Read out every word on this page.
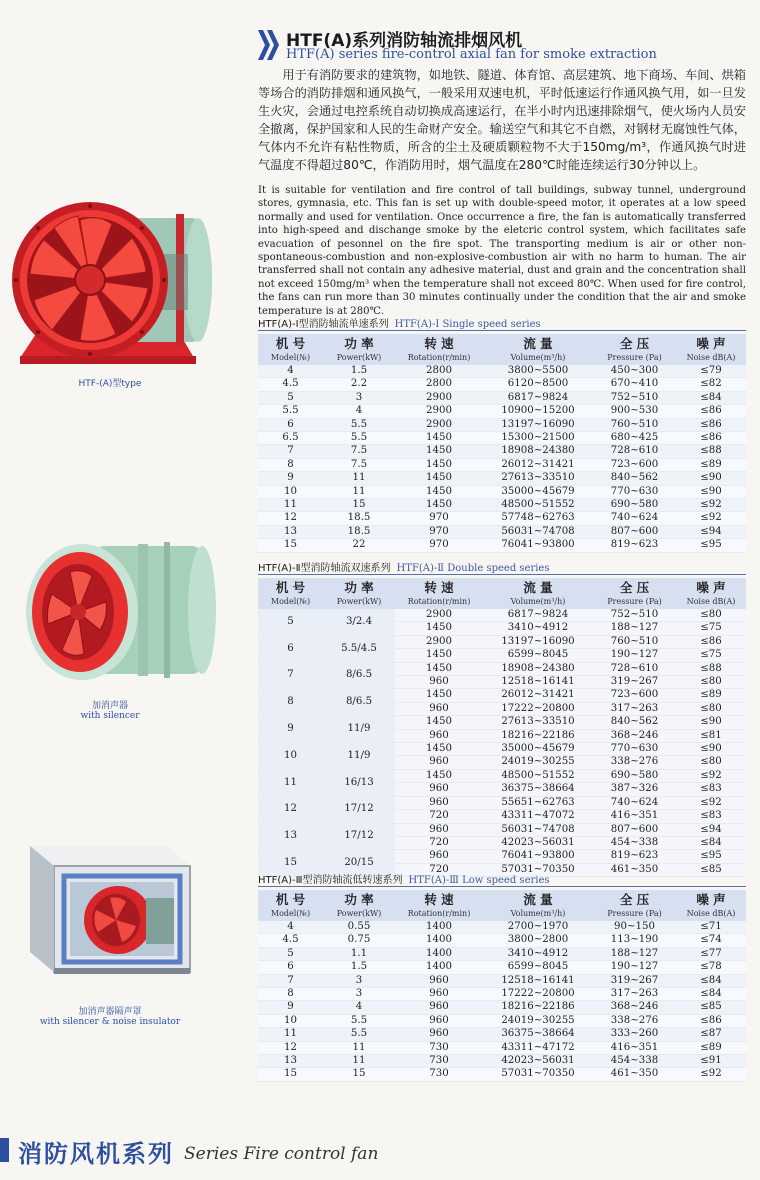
HTF(A)系列消防轴流排烟风机
HTF(A) series fire-control axial fan for smoke extraction
用于有消防要求的建筑物，如地铁、隧道、体育馆、高层建筑、地下商场、车间、烘箱等场合的消防排烟和通风换气，一般采用双速电机，平时低速运行作通风换气用，如一旦发生火灾，会通过电控系统自动切换成高速运行，在半小时内迅速排除烟气，使火场内人员安全撤离，保护国家和人民的生命财产安全。输送空气和其它不自燃，对钢材无腐蚀性气体，气体内不允许有粘性物质，所含的尘土及硬质颗粒物不大于150mg/m³，作通风换气时进气温度不得超过80℃，作消防用时，烟气温度在280℃时能连续运行30分钟以上。
It is suitable for ventilation and fire control of tall buildings, subway tunnel, underground stores, gymnasia, etc. This fan is set up with double-speed motor, it operates at a low speed normally and used for ventilation. Once occurrence a fire, the fan is automatically transferred into high-speed and dischange smoke by the eletcric control system, which facilitates safe evacuation of pesonnel on the fire spot. The transporting medium is air or other non-spontaneous-combustion and non-explosive-combustion air with no harm to human. The air transferred shall not contain any adhesive material, dust and grain and the concentration shall not exceed 150mg/m³ when the temperature shall not exceed 80℃. When used for fire control, the fans can run more than 30 minutes continually under the condition that the air and smoke temperature is at 280℃.
HTF-(A)型type
加消声器
with silencer
加消声器隔声罩
with silencer & noise insulator
HTF(A)-Ⅰ型消防轴流单速系列 HTF(A)-Ⅰ Single speed series
机 号	功 率	转 速	流 量	全 压	噪 声
Model(№)	Power(kW)	Rotation(r/min)	Volume(m³/h)	Pressure (Pa)	Noise dB(A)
4	1.5	2800	3800~5500	450~300	≤79
4.5	2.2	2800	6120~8500	670~410	≤82
5	3	2900	6817~9824	752~510	≤84
5.5	4	2900	10900~15200	900~530	≤86
6	5.5	2900	13197~16090	760~510	≤86
6.5	5.5	1450	15300~21500	680~425	≤86
7	7.5	1450	18908~24380	728~610	≤88
8	7.5	1450	26012~31421	723~600	≤89
9	11	1450	27613~33510	840~562	≤90
10	11	1450	35000~45679	770~630	≤90
11	15	1450	48500~51552	690~580	≤92
12	18.5	970	57748~62763	740~624	≤92
13	18.5	970	56031~74708	807~600	≤94
15	22	970	76041~93800	819~623	≤95
HTF(A)-Ⅱ型消防轴流双速系列 HTF(A)-Ⅱ Double speed series
机 号	功 率	转 速	流 量	全 压	噪 声
Model(№)	Power(kW)	Rotation(r/min)	Volume(m³/h)	Pressure (Pa)	Noise dB(A)
5	3/2.4	2900	6817~9824	752~510	≤80
		1450	3410~4912	188~127	≤75
6	5.5/4.5	2900	13197~16090	760~510	≤86
		1450	6599~8045	190~127	≤75
7	8/6.5	1450	18908~24380	728~610	≤88
		960	12518~16141	319~267	≤80
8	8/6.5	1450	26012~31421	723~600	≤89
		960	17222~20800	317~263	≤80
9	11/9	1450	27613~33510	840~562	≤90
		960	18216~22186	368~246	≤81
10	11/9	1450	35000~45679	770~630	≤90
		960	24019~30255	338~276	≤80
11	16/13	1450	48500~51552	690~580	≤92
		960	36375~38664	387~326	≤83
12	17/12	960	55651~62763	740~624	≤92
		720	43311~47072	416~351	≤83
13	17/12	960	56031~74708	807~600	≤94
		720	42023~56031	454~338	≤84
15	20/15	960	76041~93800	819~623	≤95
		720	57031~70350	461~350	≤85
HTF(A)-Ⅲ型消防轴流低转速系列 HTF(A)-Ⅲ Low speed series
机 号	功 率	转 速	流 量	全 压	噪 声
Model(№)	Power(kW)	Rotation(r/min)	Volume(m³/h)	Pressure (Pa)	Noise dB(A)
4	0.55	1400	2700~1970	90~150	≤71
4.5	0.75	1400	3800~2800	113~190	≤74
5	1.1	1400	3410~4912	188~127	≤77
6	1.5	1400	6599~8045	190~127	≤78
7	3	960	12518~16141	319~267	≤84
8	3	960	17222~20800	317~263	≤84
9	4	960	18216~22186	368~246	≤85
10	5.5	960	24019~30255	338~276	≤86
11	5.5	960	36375~38664	333~260	≤87
12	11	730	43311~47172	416~351	≤89
13	11	730	42023~56031	454~338	≤91
15	15	730	57031~70350	461~350	≤92
消防风机系列 Series Fire control fan
